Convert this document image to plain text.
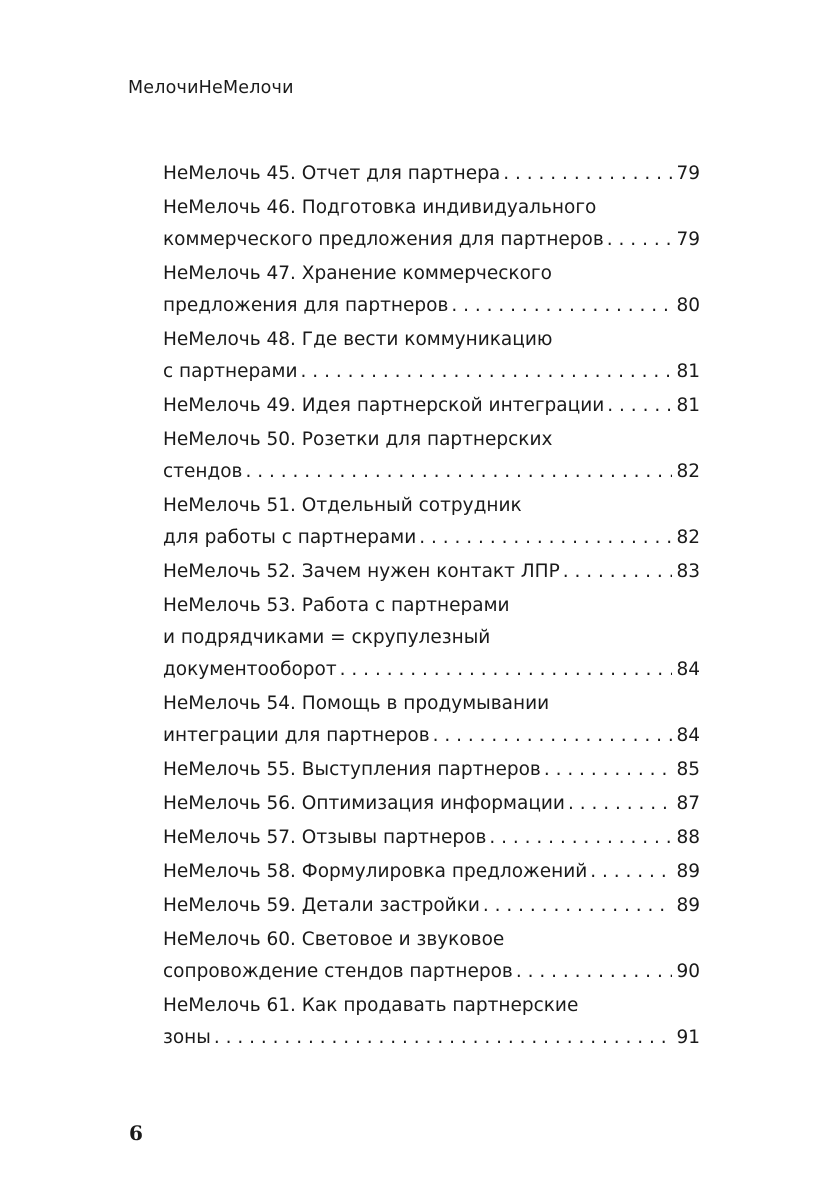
МелочиНеМелочи
НеМелочь 45. Отчет для партнера . . .	79
НеМелочь 46. Подготовка индивидуального
коммерческого предложения для партнеров . . .	79
НеМелочь 47. Хранение коммерческого
предложения для партнеров . . .	80
НеМелочь 48. Где вести коммуникацию
с партнерами . . .	81
НеМелочь 49. Идея партнерской интеграции . . .	81
НеМелочь 50. Розетки для партнерских
стендов . . .	82
НеМелочь 51. Отдельный сотрудник
для работы с партнерами . . .	82
НеМелочь 52. Зачем нужен контакт ЛПР . . .	83
НеМелочь 53. Работа с партнерами
и подрядчиками = скрупулезный
документооборот . . .	84
НеМелочь 54. Помощь в продумывании
интеграции для партнеров . . .	84
НеМелочь 55. Выступления партнеров . . .	85
НеМелочь 56. Оптимизация информации . . .	87
НеМелочь 57. Отзывы партнеров . . .	88
НеМелочь 58. Формулировка предложений . . .	89
НеМелочь 59. Детали застройки . . .	89
НеМелочь 60. Световое и звуковое
сопровождение стендов партнеров . . .	90
НеМелочь 61. Как продавать партнерские
зоны . . .	91
6
